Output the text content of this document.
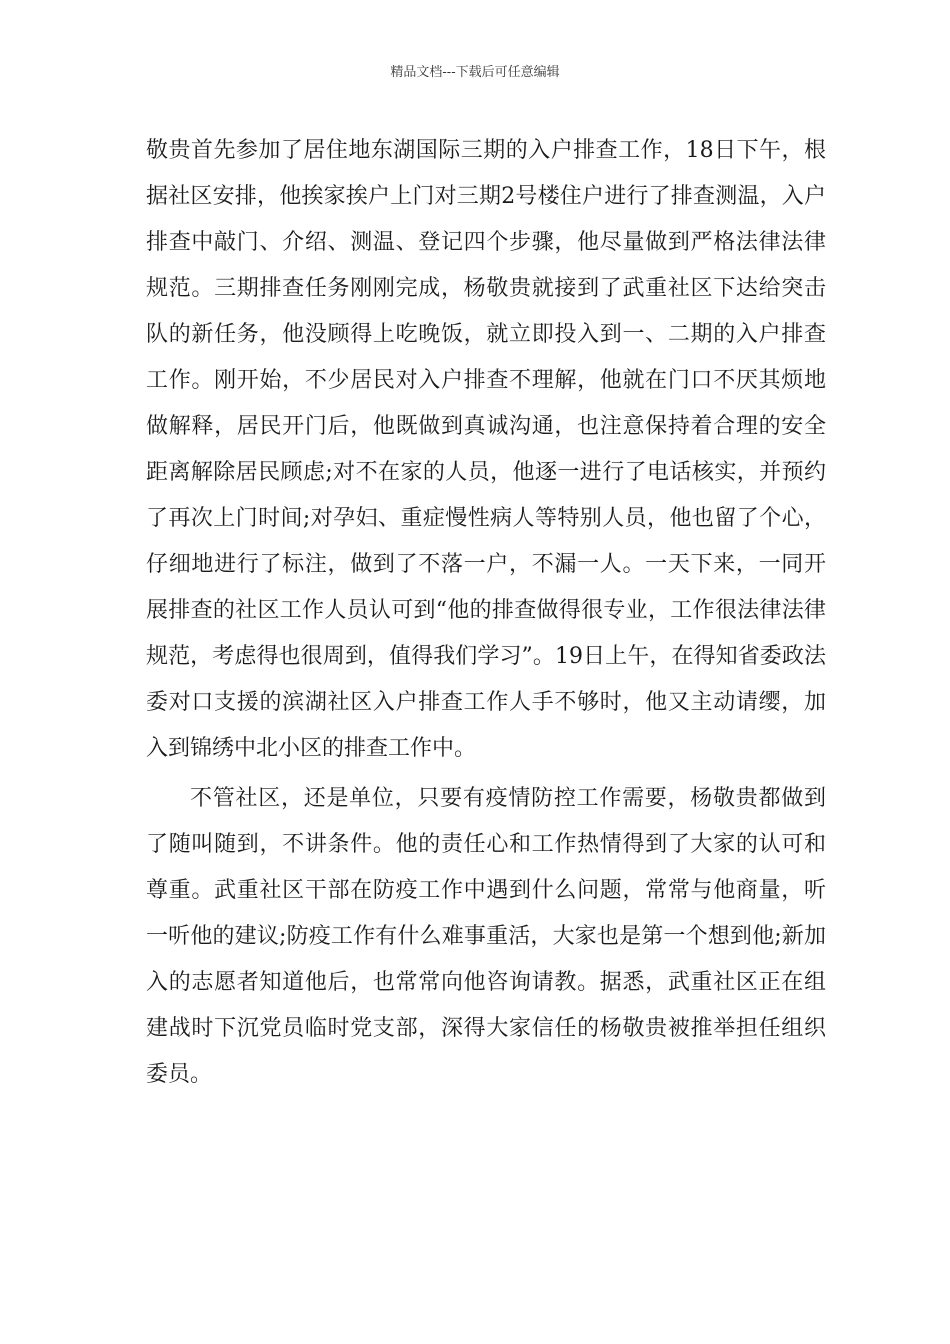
精品文档---下载后可任意编辑

敬贵首先参加了居住地东湖国际三期的入户排查工作，18日下午，根据社区安排，他挨家挨户上门对三期2号楼住户进行了排查测温，入户排查中敲门、介绍、测温、登记四个步骤，他尽量做到严格法律法律规范。三期排查任务刚刚完成，杨敬贵就接到了武重社区下达给突击队的新任务，他没顾得上吃晚饭，就立即投入到一、二期的入户排查工作。刚开始，不少居民对入户排查不理解，他就在门口不厌其烦地做解释，居民开门后，他既做到真诚沟通，也注意保持着合理的安全距离解除居民顾虑;对不在家的人员，他逐一进行了电话核实，并预约了再次上门时间;对孕妇、重症慢性病人等特别人员，他也留了个心，仔细地进行了标注，做到了不落一户，不漏一人。一天下来，一同开展排查的社区工作人员认可到“他的排查做得很专业，工作很法律法律规范，考虑得也很周到，值得我们学习”。19日上午，在得知省委政法委对口支援的滨湖社区入户排查工作人手不够时，他又主动请缨，加入到锦绣中北小区的排查工作中。

不管社区，还是单位，只要有疫情防控工作需要，杨敬贵都做到了随叫随到，不讲条件。他的责任心和工作热情得到了大家的认可和尊重。武重社区干部在防疫工作中遇到什么问题，常常与他商量，听一听他的建议;防疫工作有什么难事重活，大家也是第一个想到他;新加入的志愿者知道他后，也常常向他咨询请教。据悉，武重社区正在组建战时下沉党员临时党支部，深得大家信任的杨敬贵被推举担任组织委员。
